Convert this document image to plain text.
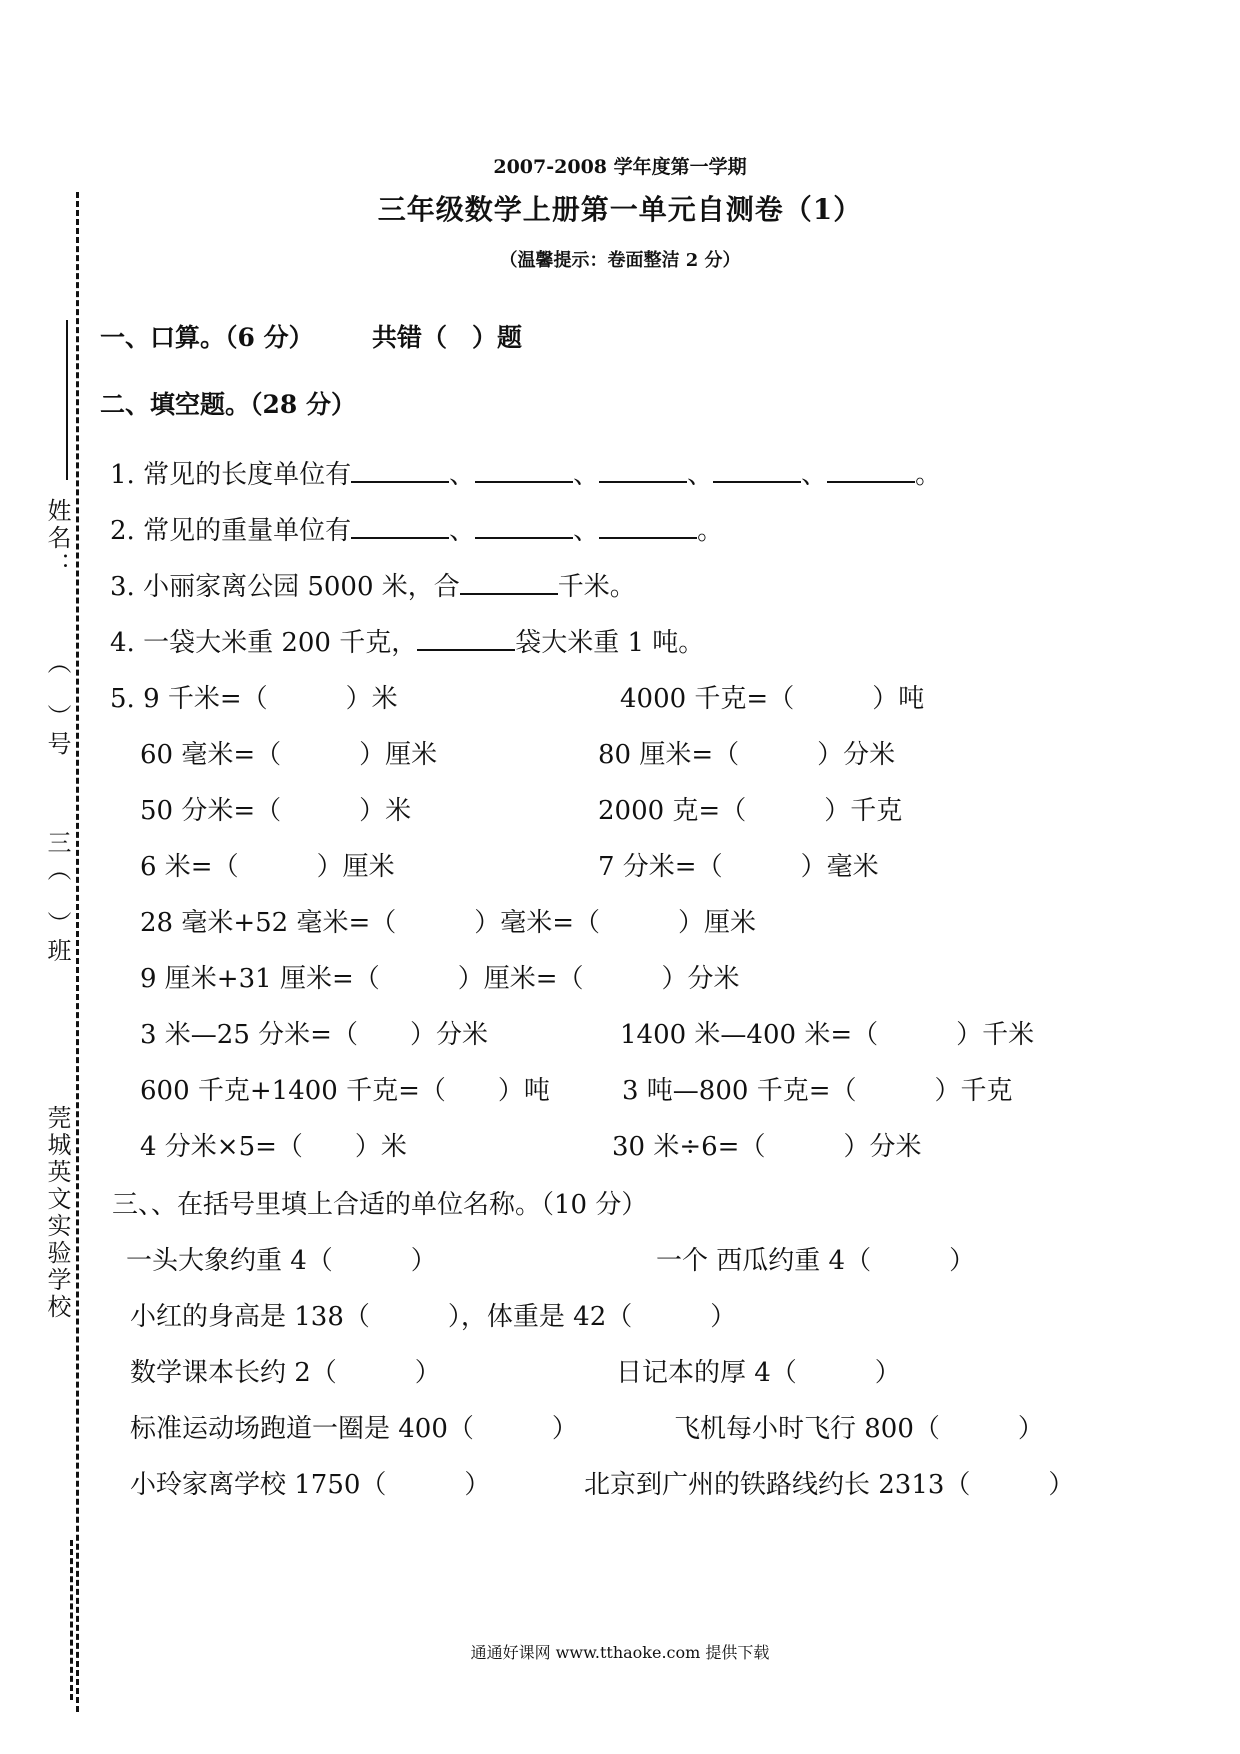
姓名：
（　）号
三（　）班
莞城英文实验学校
2007-2008 学年度第一学期
三年级数学上册第一单元自测卷（1）
（温馨提示：卷面整洁 2 分）
一、口算。（6 分） 共错（　）题
二、填空题。（28 分）
1. 常见的长度单位有	、	、	、	、	。
2. 常见的重量单位有	、	、	。
3. 小丽家离公园 5000 米，合	千米。
4. 一袋大米重 200 千克，	袋大米重 1 吨。
5. 9 千米=（　　　）米	4000 千克=（　　　）吨
60 毫米=（　　　）厘米	80 厘米=（　　　）分米
50 分米=（　　　）米	2000 克=（　　　）千克
6 米=（　　　）厘米	7 分米=（　　　）毫米
28 毫米+52 毫米=（　　　）毫米=（　　　）厘米
9 厘米+31 厘米=（　　　）厘米=（　　　）分米
3 米—25 分米=（　　）分米	1400 米—400 米=（　　　）千米
600 千克+1400 千克=（　　）吨	3 吨—800 千克=（　　　）千克
4 分米×5=（　　）米	30 米÷6=（　　　）分米
三、、在括号里填上合适的单位名称。（10 分）
一头大象约重 4（　　　）	一个 西瓜约重 4（　　　）
小红的身高是 138（　　　），体重是 42（　　　）
数学课本长约 2（　　　）	日记本的厚 4（　　　）
标准运动场跑道一圈是 400（　　　）	飞机每小时飞行 800（　　　）
小玲家离学校 1750（　　　）	北京到广州的铁路线约长 2313（　　　）
通通好课网 www.tthaoke.com 提供下载
